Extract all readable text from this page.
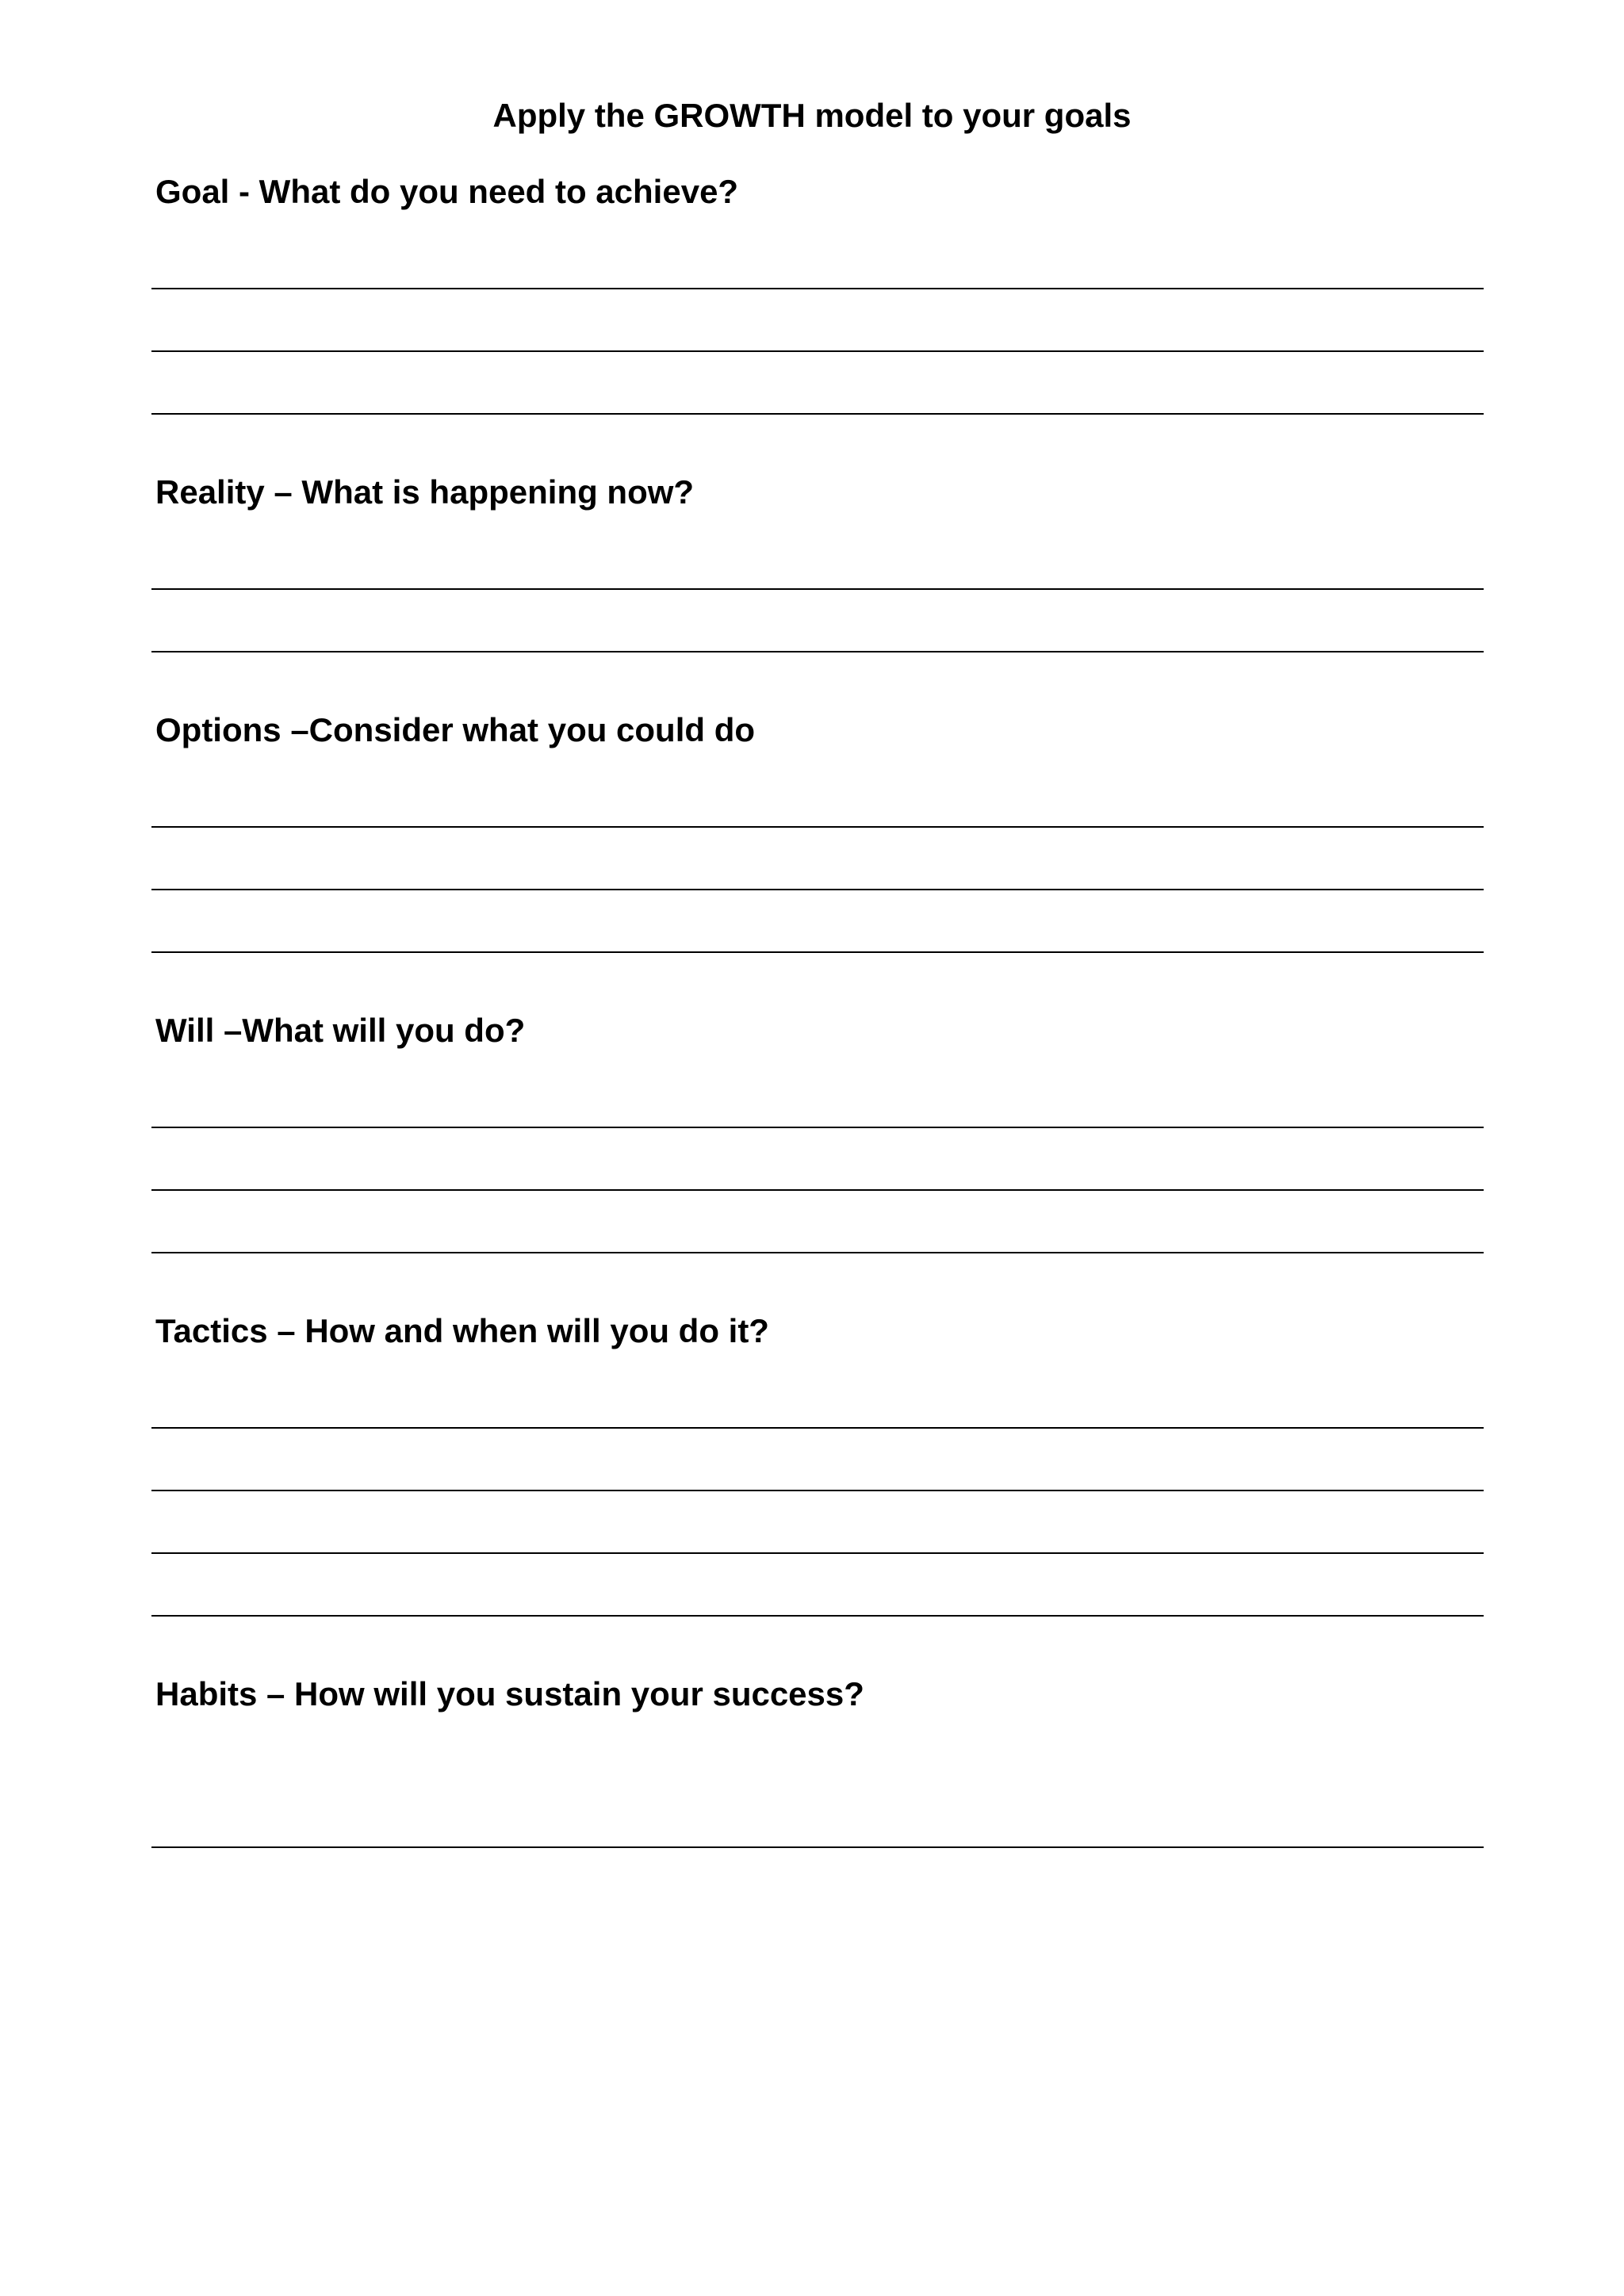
Apply the GROWTH model to your goals
Goal - What do you need to achieve?
Reality – What is happening now?
Options –Consider what you could do
Will –What will you do?
Tactics – How and when will you do it?
Habits – How will you sustain your success?
